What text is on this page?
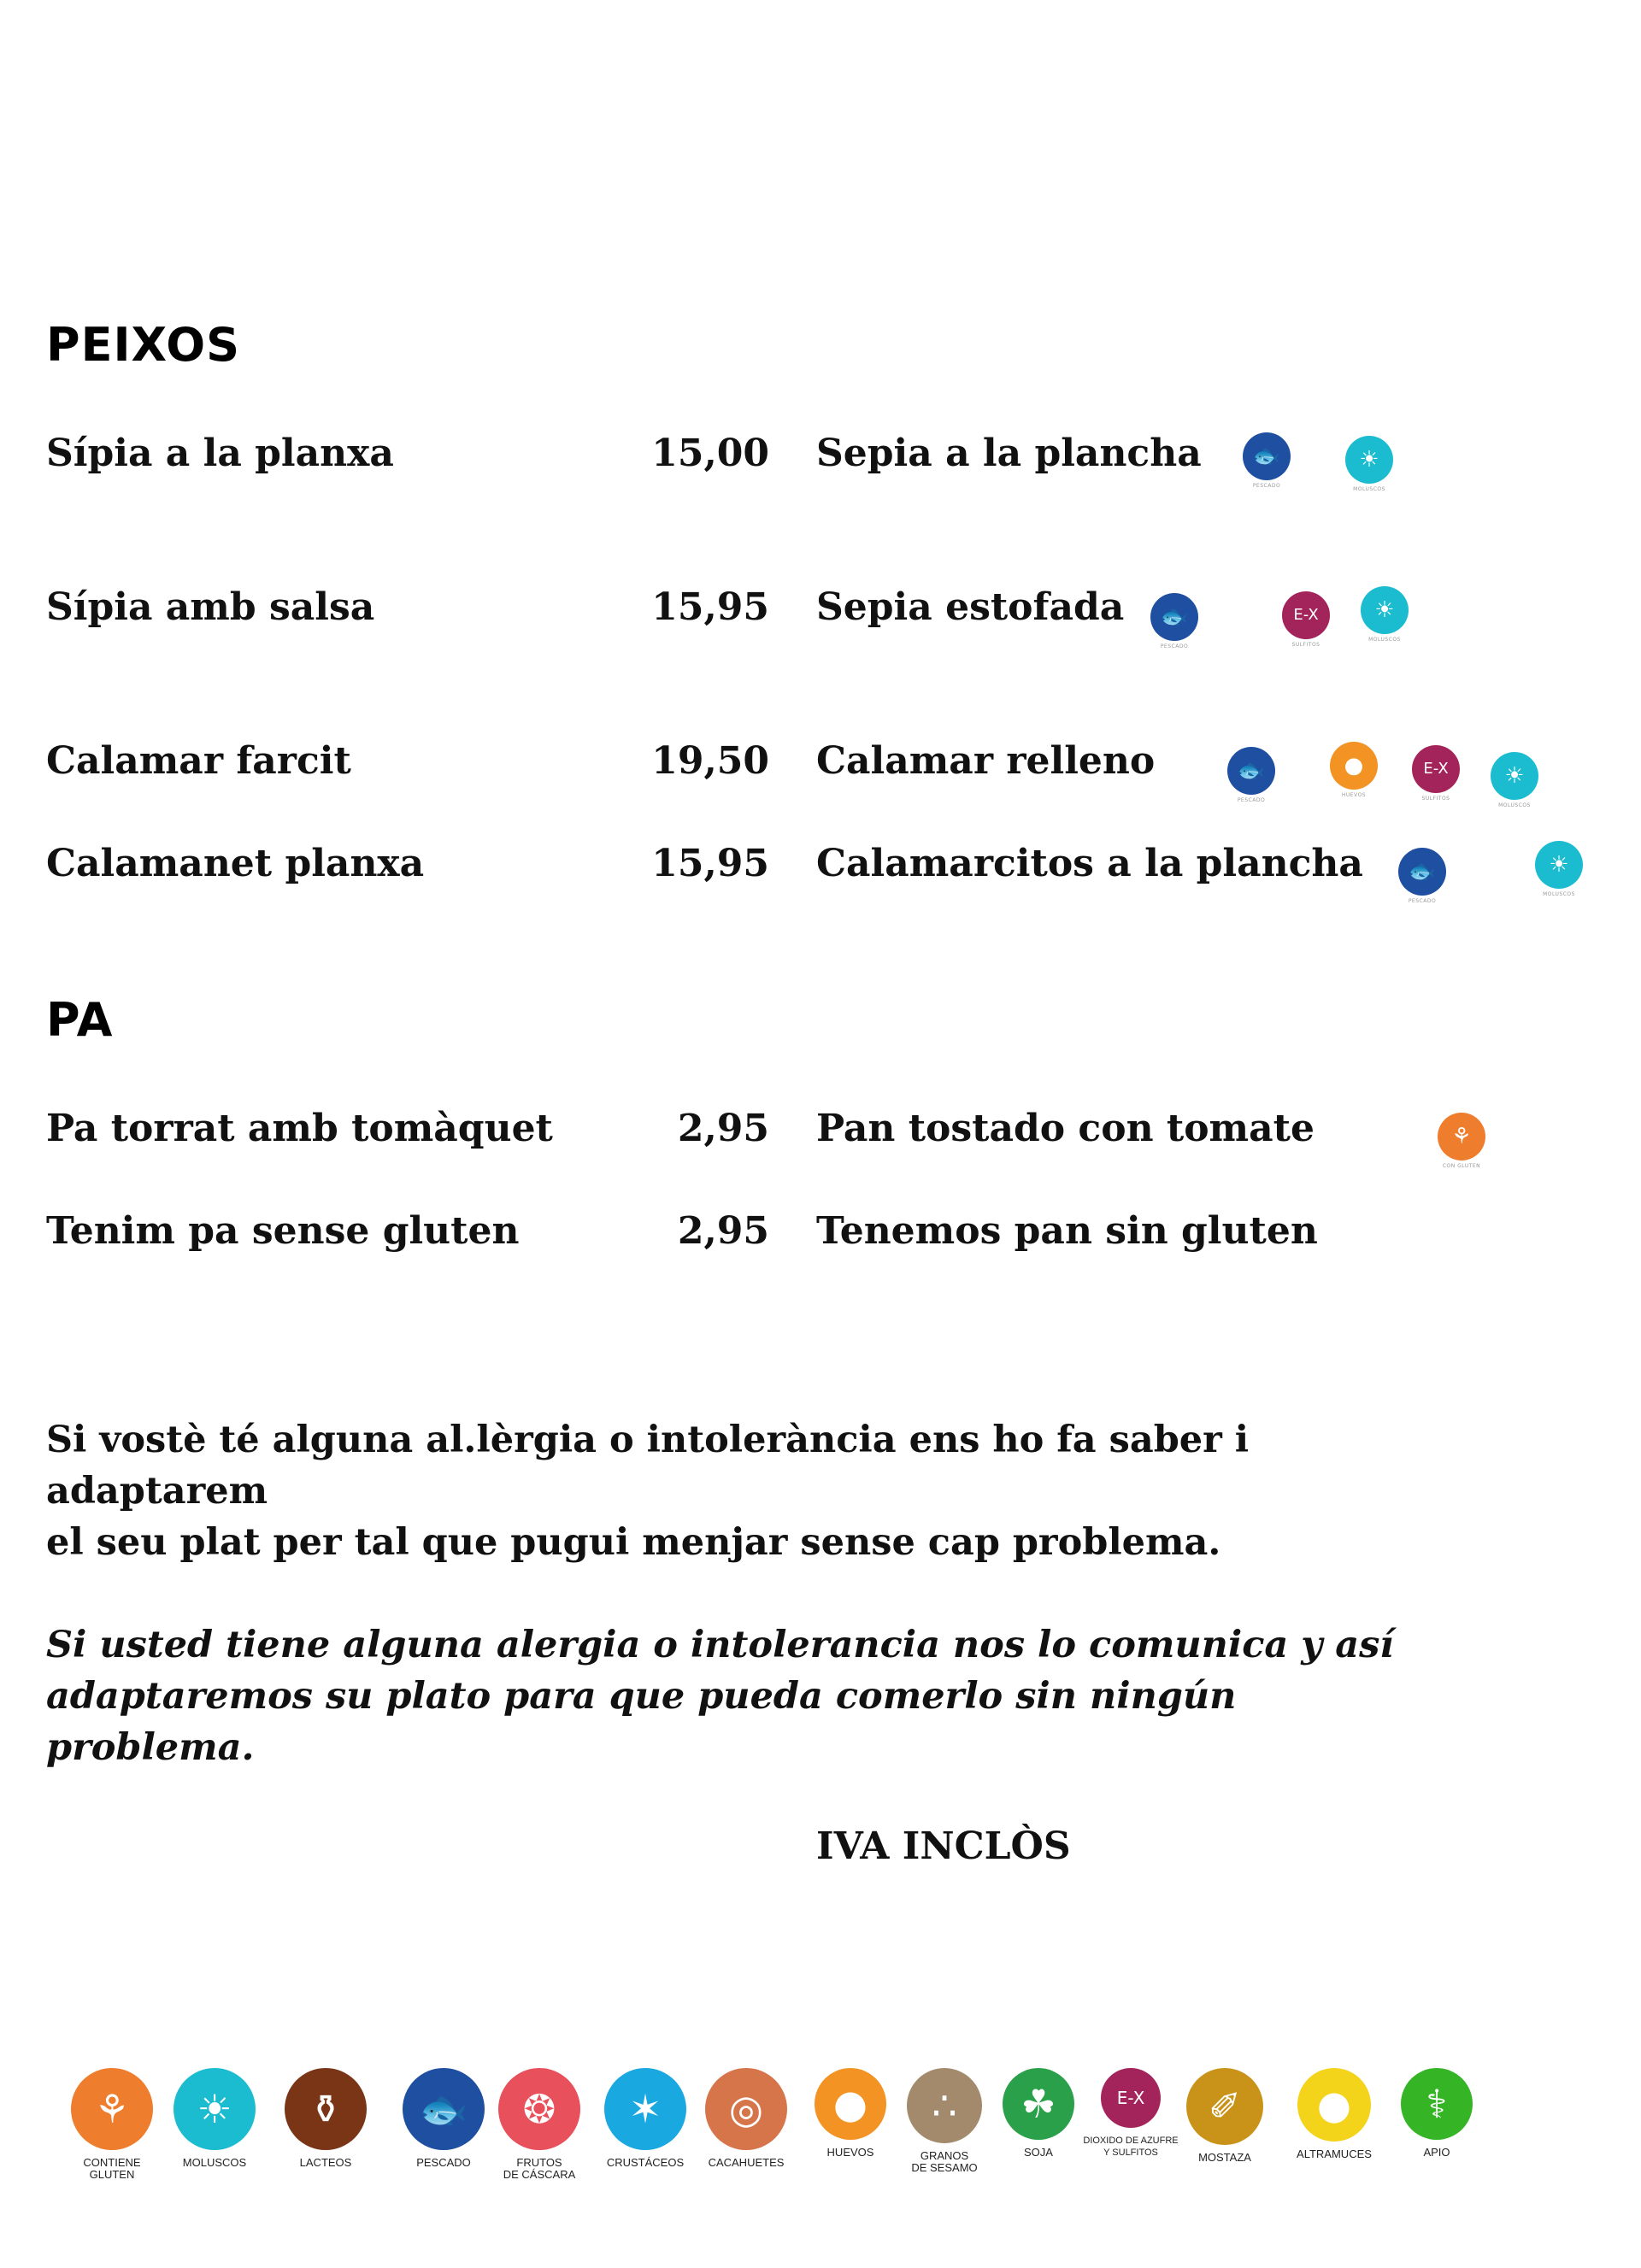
PEIXOS
Sípia a la planxa	15,00 Sepia a la plancha	🐟
PESCADO
☀
MOLUSCOS
Sípia amb salsa	15,95 Sepia estofada	🐟
PESCADO
E-X
SULFITOS
☀
MOLUSCOS
Calamar farcit	19,50 Calamar relleno	🐟
PESCADO
●
HUEVOS
E-X
SULFITOS
☀
MOLUSCOS
Calamanet planxa	15,95 Calamarcitos a la plancha	🐟
PESCADO
☀
MOLUSCOS
PA
Pa torrat amb tomàquet	2,95 Pan tostado con tomate	⚘
CON GLUTEN
Tenim pa sense gluten	2,95 Tenemos pan sin gluten
Si vostè té alguna al.lèrgia o intolerància ens ho fa saber i adaptarem
el seu plat per tal que pugui menjar sense cap problema.
Si usted tiene alguna alergia o intolerancia nos lo comunica y así
adaptaremos su plato para que pueda comerlo sin ningún problema.
IVA INCLÒS
⚘
CONTIENE
GLUTEN
☀
MOLUSCOS
⚱
LACTEOS
🐟
PESCADO
❂
FRUTOS
DE CÁSCARA
✶
CRUSTÁCEOS
◎
CACAHUETES
●
HUEVOS
∴
GRANOS
DE SESAMO
☘
SOJA
E-X
DIOXIDO DE AZUFRE
Y SULFITOS
✐
MOSTAZA
●
ALTRAMUCES
⚕
APIO
